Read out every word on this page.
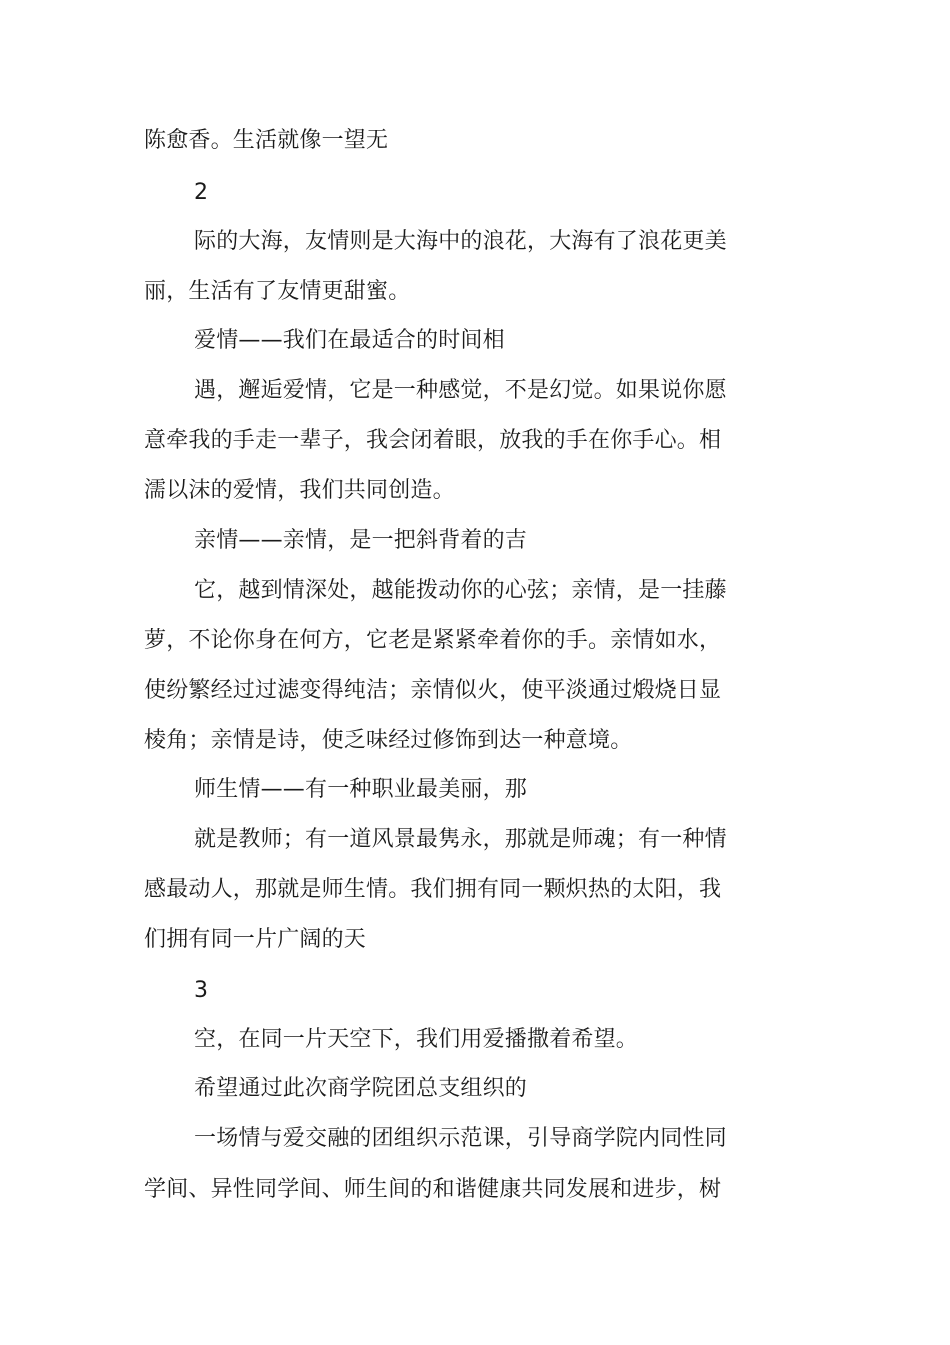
陈愈香。生活就像一望无
2
际的大海，友情则是大海中的浪花，大海有了浪花更美
丽，生活有了友情更甜蜜。
爱情——我们在最适合的时间相
遇，邂逅爱情，它是一种感觉，不是幻觉。如果说你愿
意牵我的手走一辈子，我会闭着眼，放我的手在你手心。相
濡以沫的爱情，我们共同创造。
亲情——亲情，是一把斜背着的吉
它，越到情深处，越能拨动你的心弦；亲情，是一挂藤
萝，不论你身在何方，它老是紧紧牵着你的手。亲情如水，
使纷繁经过过滤变得纯洁；亲情似火，使平淡通过煅烧日显
棱角；亲情是诗，使乏味经过修饰到达一种意境。
师生情——有一种职业最美丽，那
就是教师；有一道风景最隽永，那就是师魂；有一种情
感最动人，那就是师生情。我们拥有同一颗炽热的太阳，我
们拥有同一片广阔的天
3
空，在同一片天空下，我们用爱播撒着希望。
希望通过此次商学院团总支组织的
一场情与爱交融的团组织示范课，引导商学院内同性同
学间、异性同学间、师生间的和谐健康共同发展和进步，树
